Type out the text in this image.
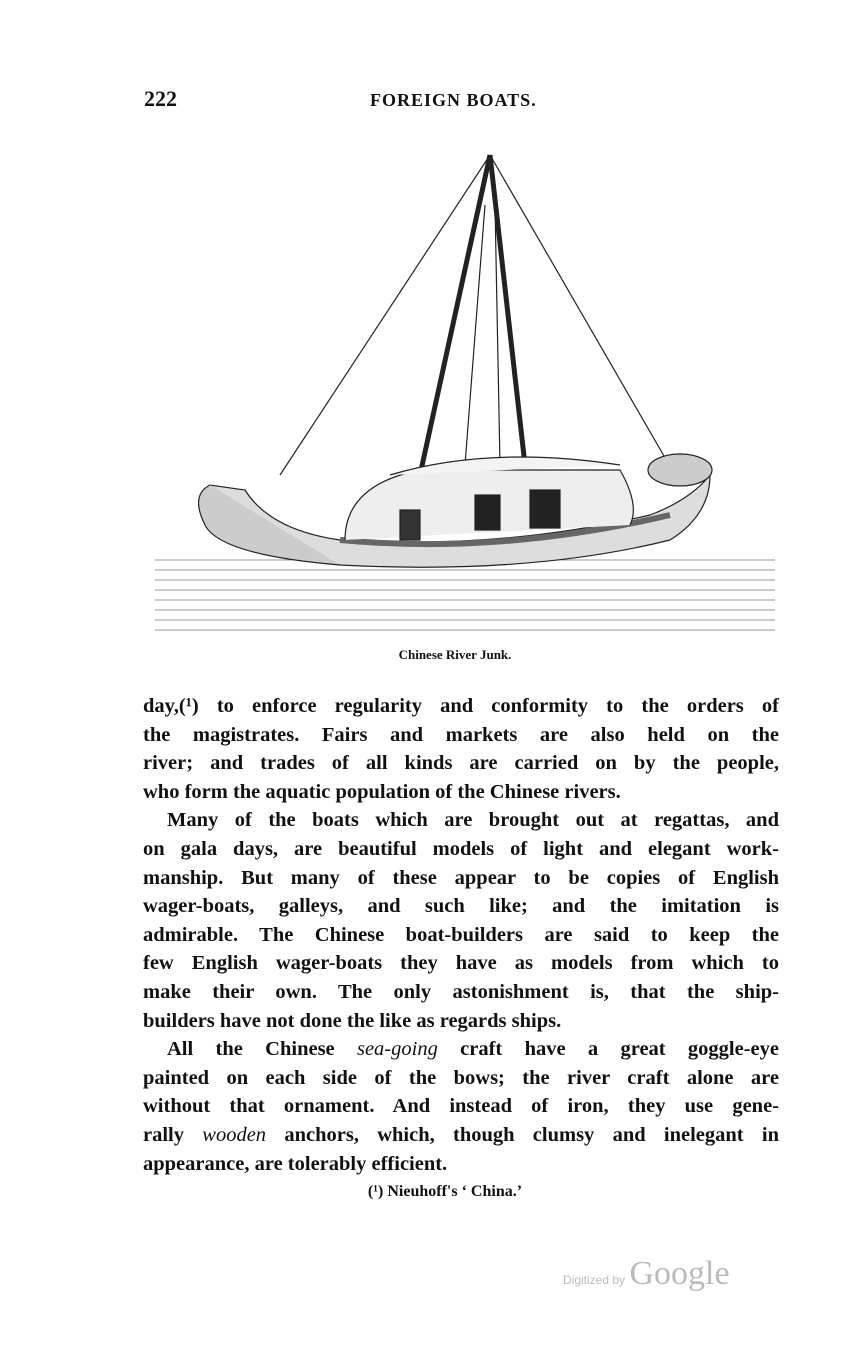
222	FOREIGN BOATS.
Chinese River Junk.
day,(¹) to enforce regularity and conformity to the orders of
the magistrates. Fairs and markets are also held on the
river; and trades of all kinds are carried on by the people,
who form the aquatic population of the Chinese rivers.
Many of the boats which are brought out at regattas, and
on gala days, are beautiful models of light and elegant work-
manship. But many of these appear to be copies of English
wager-boats, galleys, and such like; and the imitation is
admirable. The Chinese boat-builders are said to keep the
few English wager-boats they have as models from which to
make their own. The only astonishment is, that the ship-
builders have not done the like as regards ships.
All the Chinese sea-going craft have a great goggle-eye
painted on each side of the bows; the river craft alone are
without that ornament. And instead of iron, they use gene-
rally wooden anchors, which, though clumsy and inelegant in
appearance, are tolerably efficient.
(¹) Nieuhoff's ‘ China.’
Digitized by Google
